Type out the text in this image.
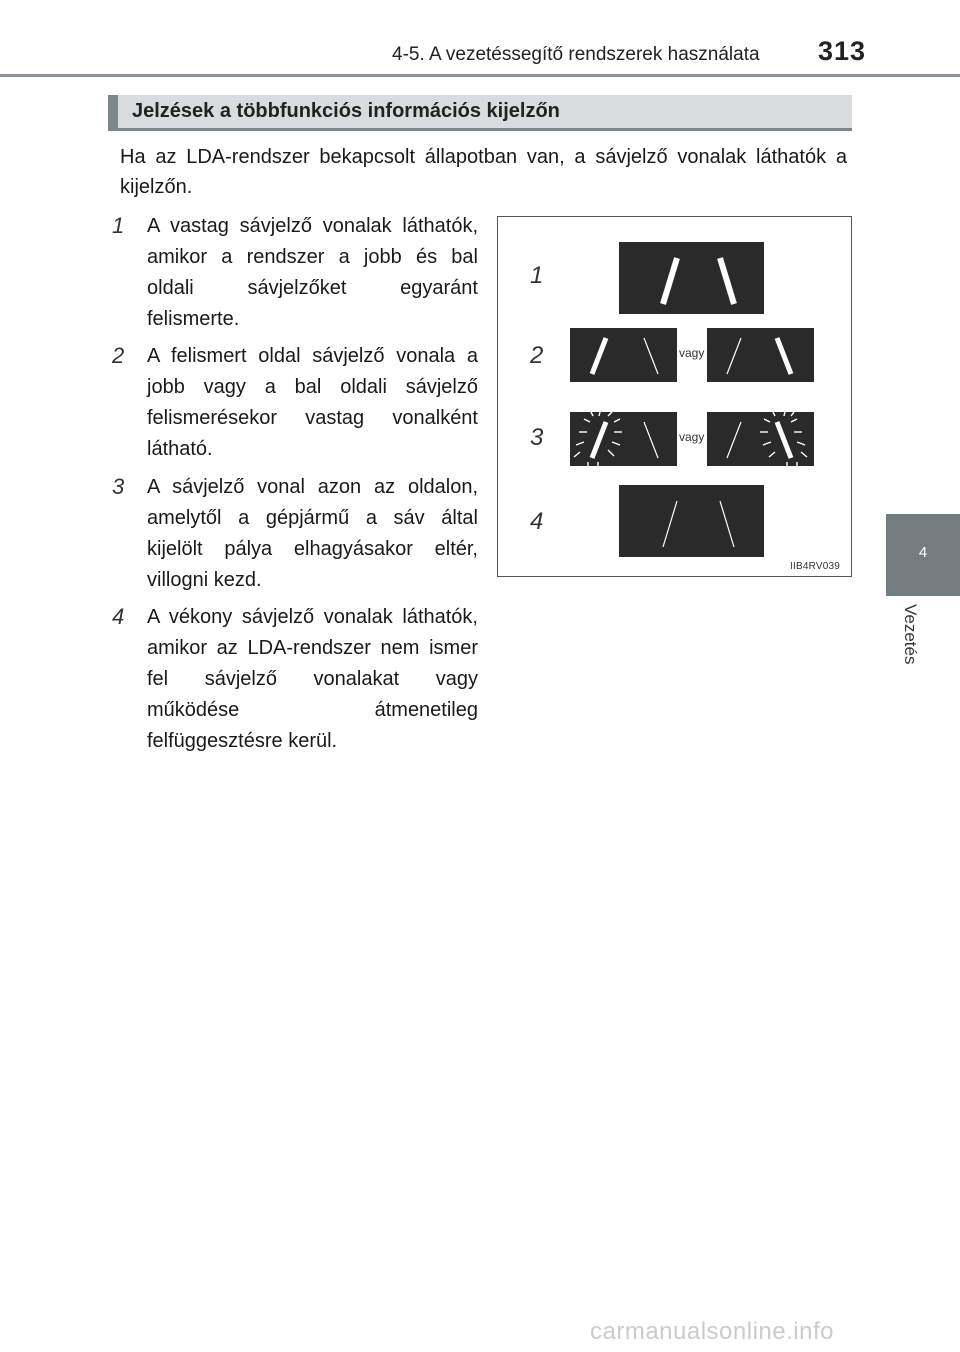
4-5. A vezetéssegítő rendszerek használata 313
Jelzések a többfunkciós információs kijelzőn

Ha az LDA-rendszer bekapcsolt állapotban van, a sávjelző vonalak láthatók a kijelzőn.

1	A vastag sávjelző vonalak láthatók, amikor a rendszer a jobb és bal oldali sávjelzőket egyaránt felismerte.

2	A felismert oldal sávjelző vonala a jobb vagy a bal oldali sávjelző felismerésekor vastag vonalként látható.

3	A sávjelző vonal azon az oldalon, amelytől a gépjármű a sáv által kijelölt pálya elhagyásakor eltér, villogni kezd.

4	A vékony sávjelző vonalak láthatók, amikor az LDA-rendszer nem ismer fel sávjelző vonalakat vagy működése átmenetileg felfüggesztésre kerül.

1
2
3
4
vagy
vagy
IIB4RV039
4
Vezetés
carmanualsonline.info
